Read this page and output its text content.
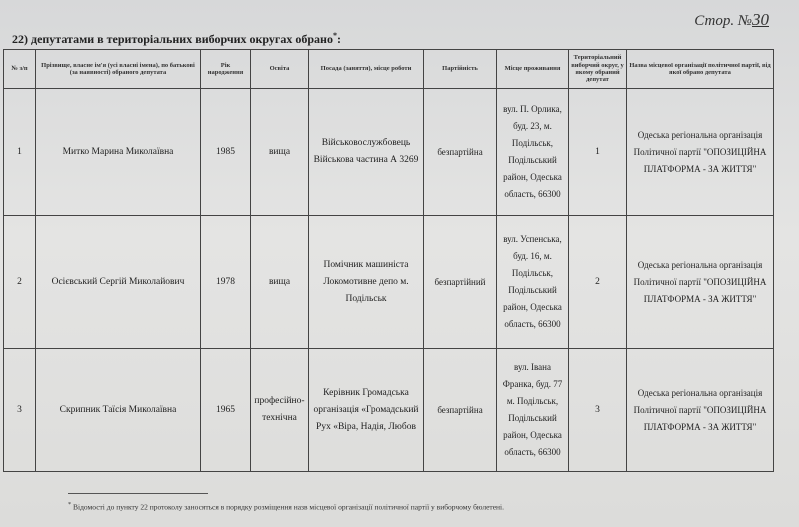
Стор. №30
22) депутатами в територіальних виборчих округах обрано*:
№ з/п	Прізвище, власне ім'я (усі власні імена), по батькові (за наявності) обраного депутата	Рік народження	Освіта	Посада (заняття), місце роботи	Партійність	Місце проживання	Територіальний виборчий округ, у якому обраний депутат	Назва місцевої організації політичної партії, від якої обрано депутата
1	Митко Марина Миколаївна	1985	вища	Військовослужбовець Військова частина А 3269	безпартійна	вул. П. Орлика, буд. 23, м. Подільськ, Подільський район, Одеська область, 66300	1	Одеська регіональна організація Політичної партії "ОПОЗИЦІЙНА ПЛАТФОРМА - ЗА ЖИТТЯ"
2	Осієвський Сергій Миколайович	1978	вища	Помічник машиніста Локомотивне депо м. Подільськ	безпартійний	вул. Успенська, буд. 16, м. Подільськ, Подільський район, Одеська область, 66300	2	Одеська регіональна організація Політичної партії "ОПОЗИЦІЙНА ПЛАТФОРМА - ЗА ЖИТТЯ"
3	Скрипник Таїсія Миколаївна	1965	професійно-технічна	Керівник Громадська організація «Громадський Рух «Віра, Надія, Любов	безпартійна	вул. Івана Франка, буд. 77 м. Подільськ, Подільський район, Одеська область, 66300	3	Одеська регіональна організація Політичної партії "ОПОЗИЦІЙНА ПЛАТФОРМА - ЗА ЖИТТЯ"
* Відомості до пункту 22 протоколу заносяться в порядку розміщення назв місцевої організації політичної партії у виборчому бюлетені.
